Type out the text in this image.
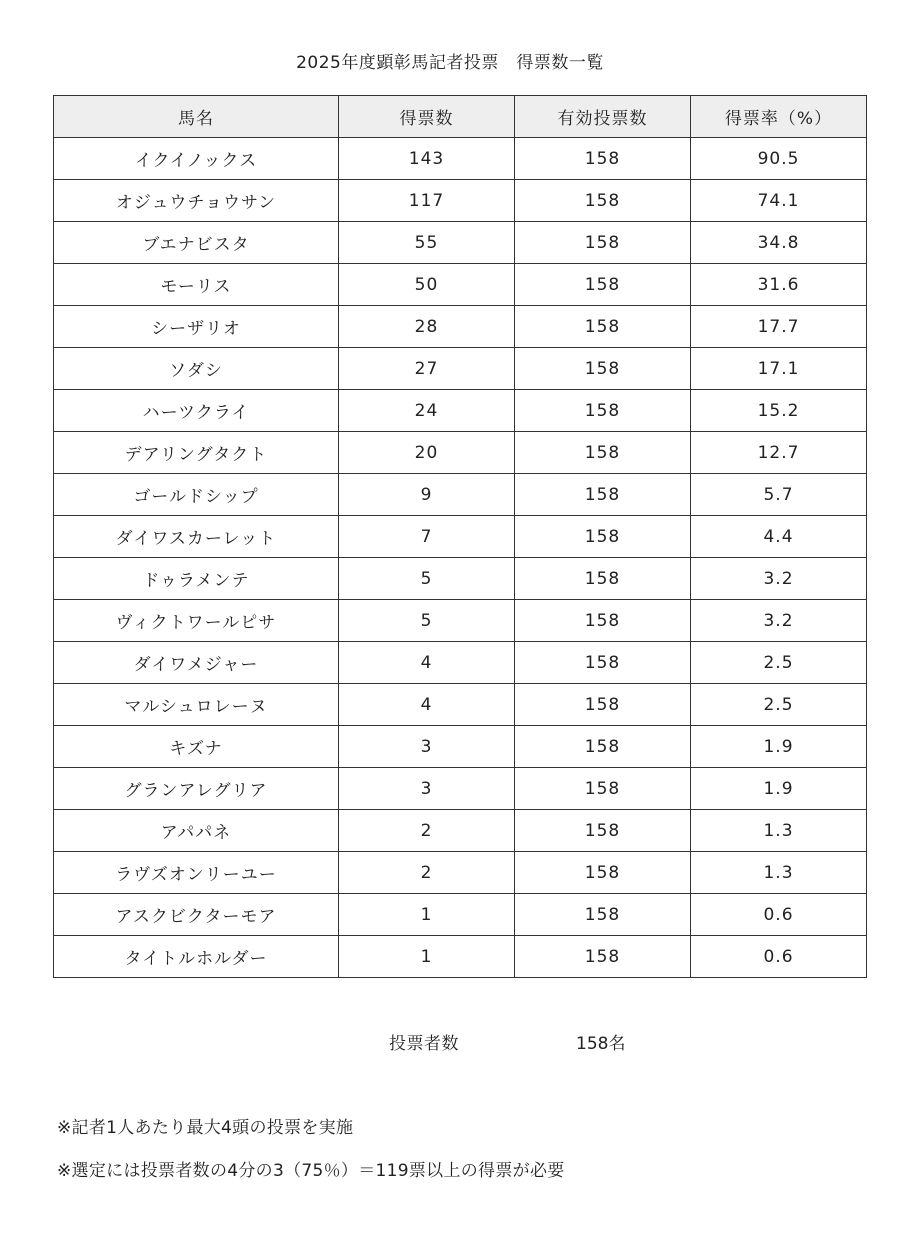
2025年度顕彰馬記者投票　得票数一覧
馬名	得票数	有効投票数	得票率（%）
イクイノックス	143	158	90.5
オジュウチョウサン	117	158	74.1
ブエナビスタ	55	158	34.8
モーリス	50	158	31.6
シーザリオ	28	158	17.7
ソダシ	27	158	17.1
ハーツクライ	24	158	15.2
デアリングタクト	20	158	12.7
ゴールドシップ	9	158	5.7
ダイワスカーレット	7	158	4.4
ドゥラメンテ	5	158	3.2
ヴィクトワールピサ	5	158	3.2
ダイワメジャー	4	158	2.5
マルシュロレーヌ	4	158	2.5
キズナ	3	158	1.9
グランアレグリア	3	158	1.9
アパパネ	2	158	1.3
ラヴズオンリーユー	2	158	1.3
アスクビクターモア	1	158	0.6
タイトルホルダー	1	158	0.6
投票者数	158名
※記者1人あたり最大4頭の投票を実施
※選定には投票者数の4分の3（75％）＝119票以上の得票が必要
